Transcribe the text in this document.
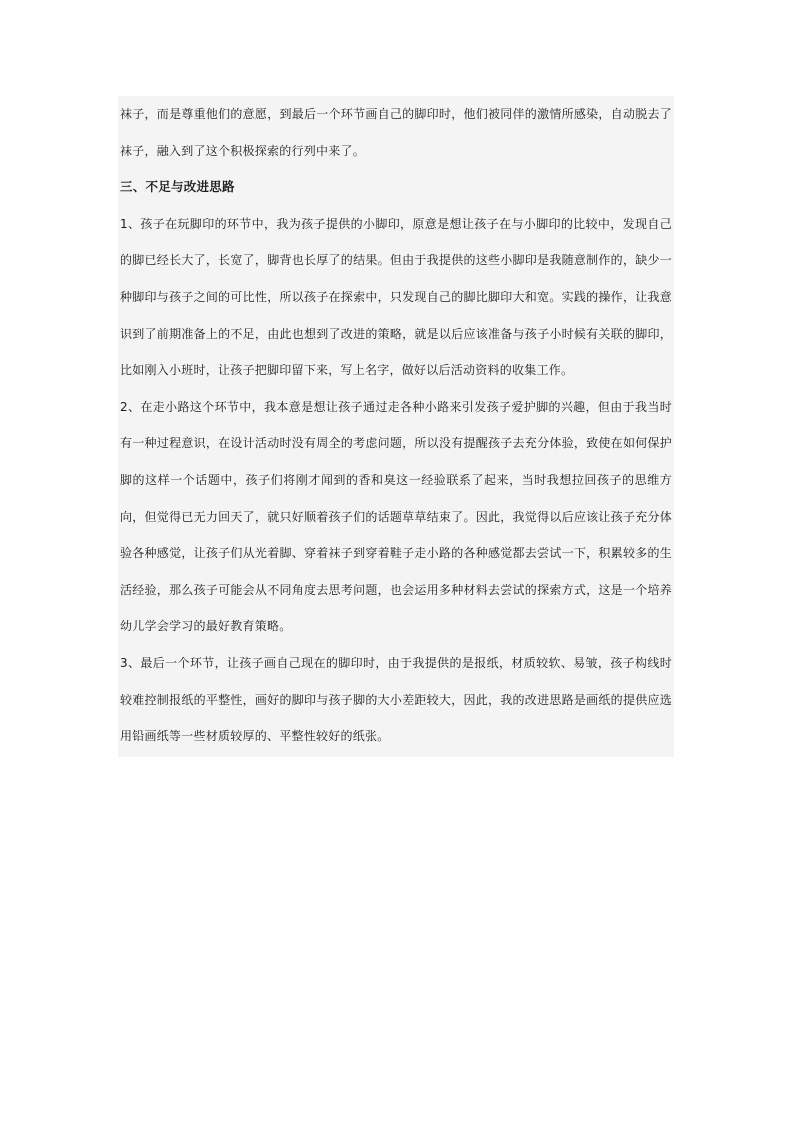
袜子，而是尊重他们的意愿，到最后一个环节画自己的脚印时，他们被同伴的激情所感染，自动脱去了袜子，融入到了这个积极探索的行列中来了。

三、不足与改进思路

1、孩子在玩脚印的环节中，我为孩子提供的小脚印，原意是想让孩子在与小脚印的比较中，发现自己的脚已经长大了，长宽了，脚背也长厚了的结果。但由于我提供的这些小脚印是我随意制作的，缺少一种脚印与孩子之间的可比性，所以孩子在探索中，只发现自己的脚比脚印大和宽。实践的操作，让我意识到了前期准备上的不足，由此也想到了改进的策略，就是以后应该准备与孩子小时候有关联的脚印，比如刚入小班时，让孩子把脚印留下来，写上名字，做好以后活动资料的收集工作。

2、在走小路这个环节中，我本意是想让孩子通过走各种小路来引发孩子爱护脚的兴趣，但由于我当时有一种过程意识，在设计活动时没有周全的考虑问题，所以没有提醒孩子去充分体验，致使在如何保护脚的这样一个话题中，孩子们将刚才闻到的香和臭这一经验联系了起来，当时我想拉回孩子的思维方向，但觉得已无力回天了，就只好顺着孩子们的话题草草结束了。因此，我觉得以后应该让孩子充分体验各种感觉，让孩子们从光着脚、穿着袜子到穿着鞋子走小路的各种感觉都去尝试一下，积累较多的生活经验，那么孩子可能会从不同角度去思考问题，也会运用多种材料去尝试的探索方式，这是一个培养幼儿学会学习的最好教育策略。

3、最后一个环节，让孩子画自己现在的脚印时，由于我提供的是报纸，材质较软、易皱，孩子构线时较难控制报纸的平整性，画好的脚印与孩子脚的大小差距较大，因此，我的改进思路是画纸的提供应选用铅画纸等一些材质较厚的、平整性较好的纸张。
